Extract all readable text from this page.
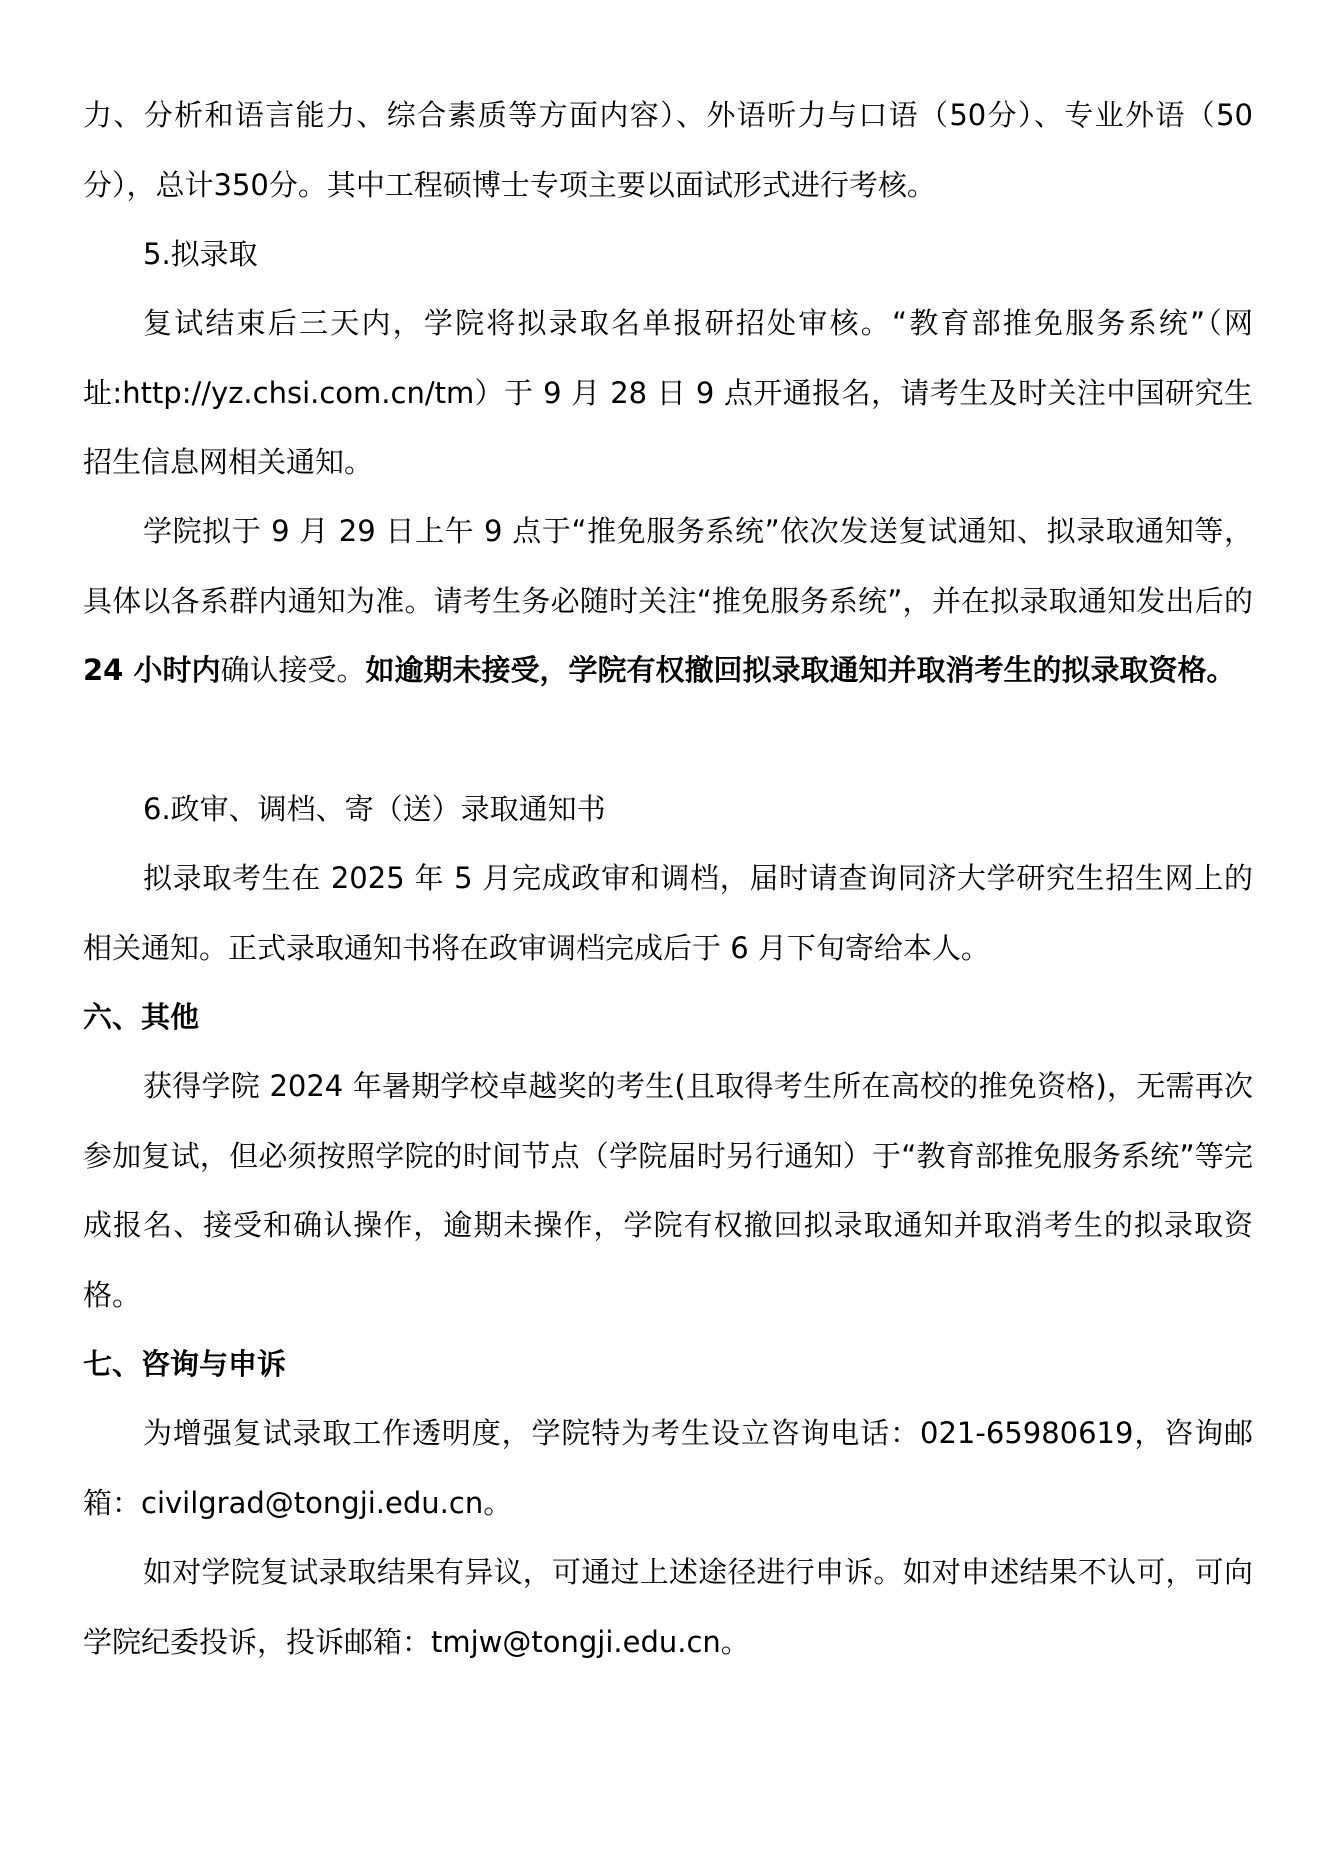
力、分析和语言能力、综合素质等方面内容）、外语听力与口语（50分）、专业外语（50分），总计350分。其中工程硕博士专项主要以面试形式进行考核。

5.拟录取

复试结束后三天内，学院将拟录取名单报研招处审核。“教育部推免服务系统”（网址:http://yz.chsi.com.cn/tm）于 9 月 28 日 9 点开通报名，请考生及时关注中国研究生招生信息网相关通知。

学院拟于 9 月 29 日上午 9 点于“推免服务系统”依次发送复试通知、拟录取通知等，具体以各系群内通知为准。请考生务必随时关注“推免服务系统”，并在拟录取通知发出后的24 小时内确认接受。如逾期未接受，学院有权撤回拟录取通知并取消考生的拟录取资格。

6.政审、调档、寄（送）录取通知书

拟录取考生在 2025 年 5 月完成政审和调档，届时请查询同济大学研究生招生网上的相关通知。正式录取通知书将在政审调档完成后于 6 月下旬寄给本人。

六、其他

获得学院 2024 年暑期学校卓越奖的考生(且取得考生所在高校的推免资格)，无需再次参加复试，但必须按照学院的时间节点（学院届时另行通知）于“教育部推免服务系统”等完成报名、接受和确认操作，逾期未操作，学院有权撤回拟录取通知并取消考生的拟录取资格。

七、咨询与申诉

为增强复试录取工作透明度，学院特为考生设立咨询电话：021-65980619，咨询邮箱：civilgrad@tongji.edu.cn。

如对学院复试录取结果有异议，可通过上述途径进行申诉。如对申述结果不认可，可向学院纪委投诉，投诉邮箱：tmjw@tongji.edu.cn。
